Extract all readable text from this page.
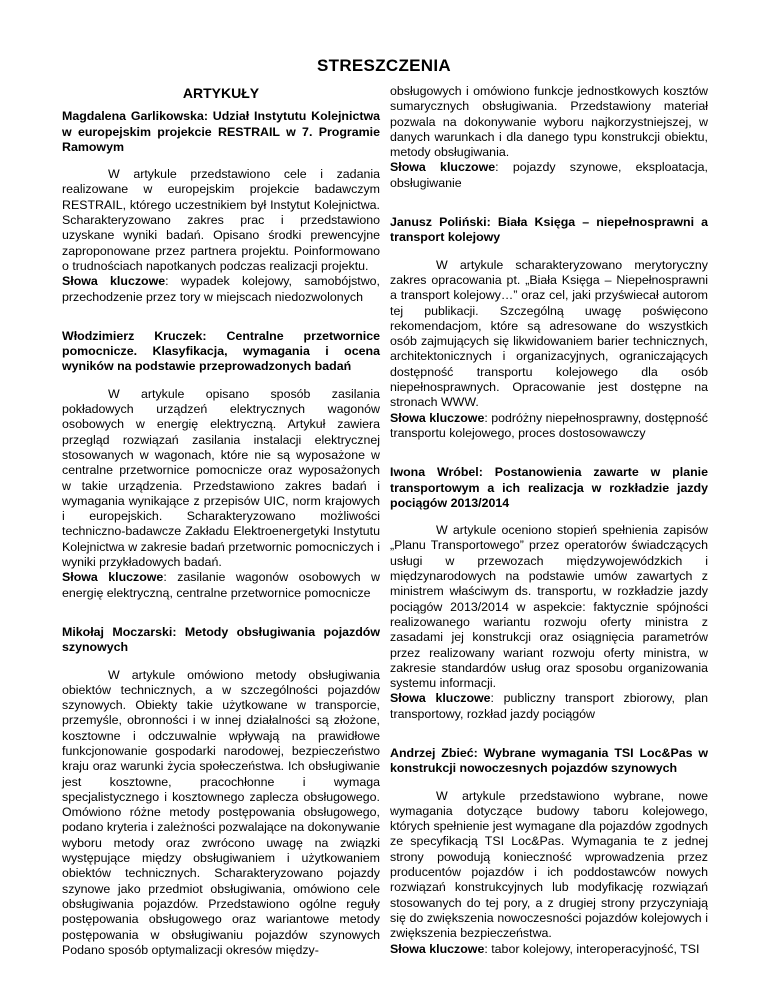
STRESZCZENIA
ARTYKUŁY
Magdalena Garlikowska: Udział Instytutu Kolejnictwa w europejskim projekcie RESTRAIL w 7. Programie Ramowym

W artykule przedstawiono cele i zadania realizowane w europejskim projekcie badawczym RESTRAIL, którego uczestnikiem był Instytut Kolejnictwa. Scharakteryzowano zakres prac i przedstawiono uzyskane wyniki badań. Opisano środki prewencyjne zaproponowane przez partnera projektu. Poinformowano o trudnościach napotkanych podczas realizacji projektu.

Słowa kluczowe: wypadek kolejowy, samobójstwo, przechodzenie przez tory w miejscach niedozwolonych

Włodzimierz Kruczek: Centralne przetwornice pomocnicze. Klasyfikacja, wymagania i ocena wyników na podstawie przeprowadzonych badań

W artykule opisano sposób zasilania pokładowych urządzeń elektrycznych wagonów osobowych w energię elektryczną. Artykuł zawiera przegląd rozwiązań zasilania instalacji elektrycznej stosowanych w wagonach, które nie są wyposażone w centralne przetwornice pomocnicze oraz wyposażonych w takie urządzenia. Przedstawiono zakres badań i wymagania wynikające z przepisów UIC, norm krajowych i europejskich. Scharakteryzowano możliwości techniczno-badawcze Zakładu Elektroenergetyki Instytutu Kolejnictwa w zakresie badań przetwornic pomocniczych i wyniki przykładowych badań.

Słowa kluczowe: zasilanie wagonów osobowych w energię elektryczną, centralne przetwornice pomocnicze

Mikołaj Moczarski: Metody obsługiwania pojazdów szynowych

W artykule omówiono metody obsługiwania obiektów technicznych, a w szczególności pojazdów szynowych. Obiekty takie użytkowane w transporcie, przemyśle, obronności i w innej działalności są złożone, kosztowne i odczuwalnie wpływają na prawidłowe funkcjonowanie gospodarki narodowej, bezpieczeństwo kraju oraz warunki życia społeczeństwa. Ich obsługiwanie jest kosztowne, pracochłonne i wymaga specjalistycznego i kosztownego zaplecza obsługowego. Omówiono różne metody postępowania obsługowego, podano kryteria i zależności pozwalające na dokonywanie wyboru metody oraz zwrócono uwagę na związki występujące między obsługiwaniem i użytkowaniem obiektów technicznych. Scharakteryzowano pojazdy szynowe jako przedmiot obsługiwania, omówiono cele obsługiwania pojazdów. Przedstawiono ogólne reguły postępowania obsługowego oraz wariantowe metody postępowania w obsługiwaniu pojazdów szynowych Podano sposób optymalizacji okresów między-

obsługowych i omówiono funkcje jednostkowych kosztów sumarycznych obsługiwania. Przedstawiony materiał pozwala na dokonywanie wyboru najkorzystniejszej, w danych warunkach i dla danego typu konstrukcji obiektu, metody obsługiwania.

Słowa kluczowe: pojazdy szynowe, eksploatacja, obsługiwanie

Janusz Poliński: Biała Księga – niepełnosprawni a transport kolejowy

W artykule scharakteryzowano merytoryczny zakres opracowania pt. „Biała Księga – Niepełnosprawni a transport kolejowy…” oraz cel, jaki przyświecał autorom tej publikacji. Szczególną uwagę poświęcono rekomendacjom, które są adresowane do wszystkich osób zajmujących się likwidowaniem barier technicznych, architektonicznych i organizacyjnych, ograniczających dostępność transportu kolejowego dla osób niepełnosprawnych. Opracowanie jest dostępne na stronach WWW.

Słowa kluczowe: podróżny niepełnosprawny, dostępność transportu kolejowego, proces dostosowawczy

Iwona Wróbel: Postanowienia zawarte w planie transportowym a ich realizacja w rozkładzie jazdy pociągów 2013/2014

W artykule oceniono stopień spełnienia zapisów „Planu Transportowego” przez operatorów świadczących usługi w przewozach międzywojewódzkich i międzynarodowych na podstawie umów zawartych z ministrem właściwym ds. transportu, w rozkładzie jazdy pociągów 2013/2014 w aspekcie: faktycznie spójności realizowanego wariantu rozwoju oferty ministra z zasadami jej konstrukcji oraz osiągnięcia parametrów przez realizowany wariant rozwoju oferty ministra, w zakresie standardów usług oraz sposobu organizowania systemu informacji.

Słowa kluczowe: publiczny transport zbiorowy, plan transportowy, rozkład jazdy pociągów

Andrzej Zbieć: Wybrane wymagania TSI Loc&Pas w konstrukcji nowoczesnych pojazdów szynowych

W artykule przedstawiono wybrane, nowe wymagania dotyczące budowy taboru kolejowego, których spełnienie jest wymagane dla pojazdów zgodnych ze specyfikacją TSI Loc&Pas. Wymagania te z jednej strony powodują konieczność wprowadzenia przez producentów pojazdów i ich poddostawców nowych rozwiązań konstrukcyjnych lub modyfikację rozwiązań stosowanych do tej pory, a z drugiej strony przyczyniają się do zwiększenia nowoczesności pojazdów kolejowych i zwiększenia bezpieczeństwa.

Słowa kluczowe: tabor kolejowy, interoperacyjność, TSI
